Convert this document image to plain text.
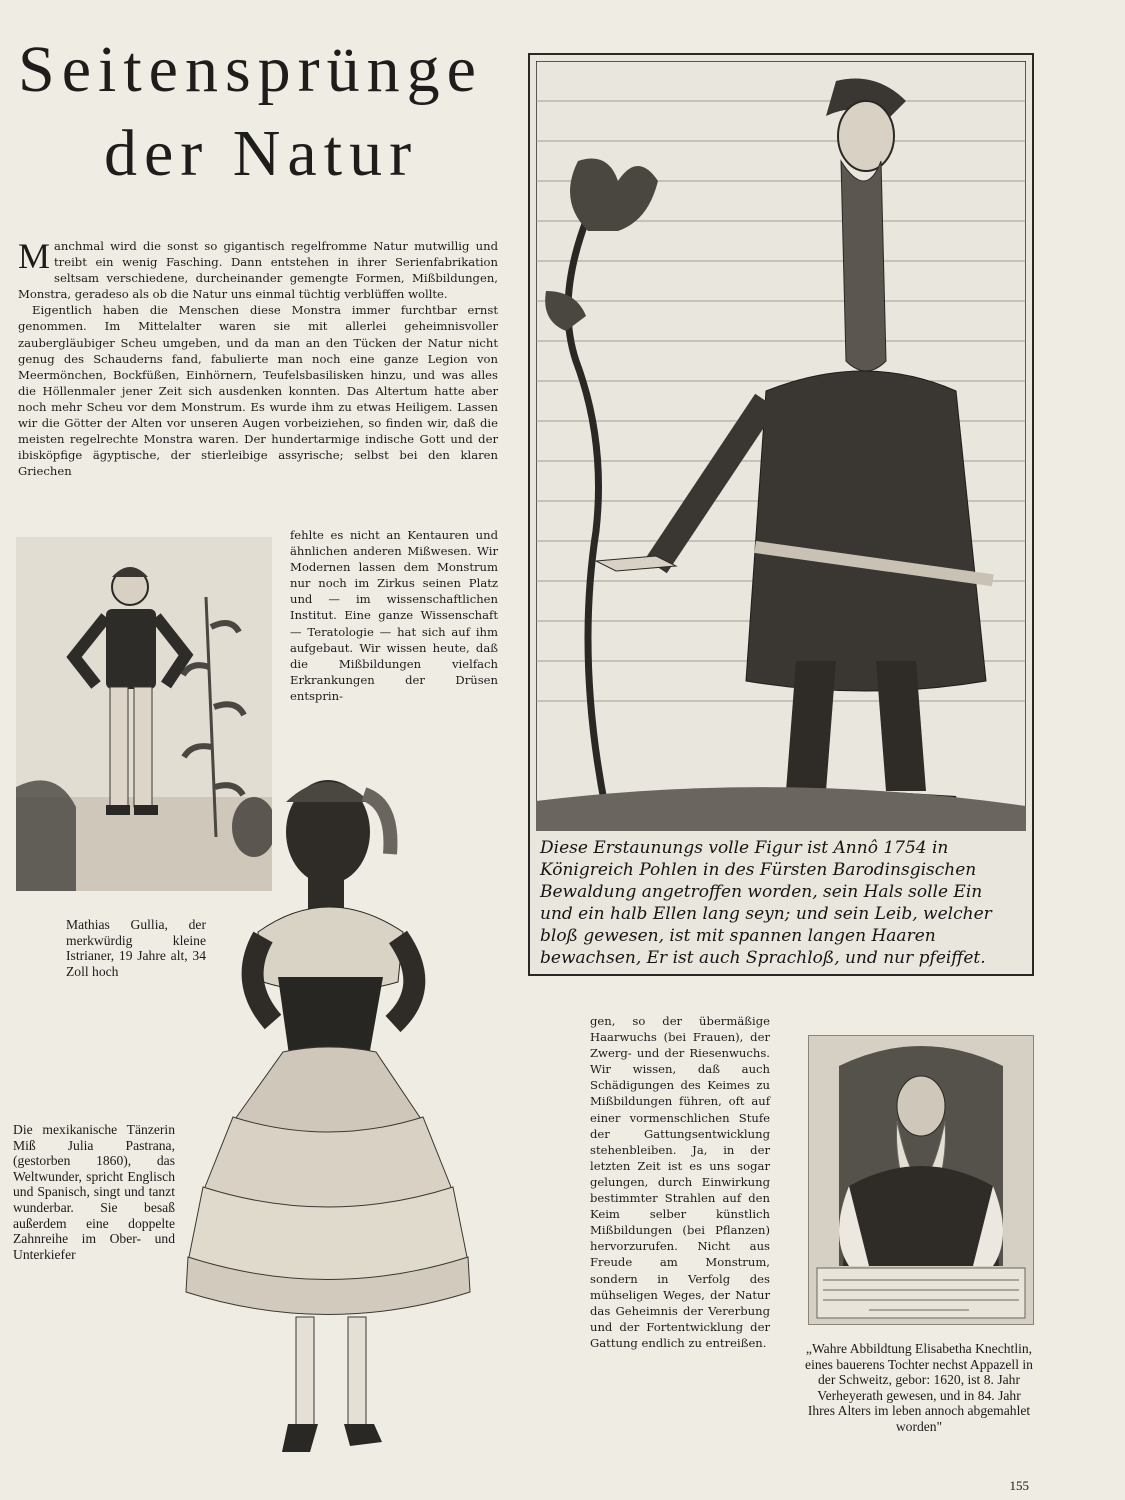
Seitensprünge
der Natur

Manchmal wird die sonst so gigantisch regelfromme Natur mutwillig und treibt ein wenig Fasching. Dann entstehen in ihrer Serienfabrikation seltsam verschiedene, durcheinander gemengte Formen, Mißbildungen, Monstra, geradeso als ob die Natur uns einmal tüchtig verblüffen wollte.

Eigentlich haben die Menschen diese Monstra immer furchtbar ernst genommen. Im Mittelalter waren sie mit allerlei geheimnisvoller zaubergläubiger Scheu umgeben, und da man an den Tücken der Natur nicht genug des Schauderns fand, fabulierte man noch eine ganze Legion von Meermönchen, Bockfüßen, Einhörnern, Teufelsbasilisken hinzu, und was alles die Höllenmaler jener Zeit sich ausdenken konnten. Das Altertum hatte aber noch mehr Scheu vor dem Monstrum. Es wurde ihm zu etwas Heiligem. Lassen wir die Götter der Alten vor unseren Augen vorbeiziehen, so finden wir, daß die meisten regelrechte Monstra waren. Der hundertarmige indische Gott und der ibisköpfige ägyptische, der stierleibige assyrische; selbst bei den klaren Griechen

fehlte es nicht an Kentauren und ähnlichen anderen Mißwesen. Wir Modernen lassen dem Monstrum nur noch im Zirkus seinen Platz und — im wissenschaftlichen Institut. Eine ganze Wissenschaft — Teratologie — hat sich auf ihm aufgebaut. Wir wissen heute, daß die Mißbildungen vielfach Erkrankungen der Drüsen entsprin-
Mathias Gullia, der merkwürdig kleine Istrianer, 19 Jahre alt, 34 Zoll hoch
Die mexikanische Tänzerin Miß Julia Pastrana, (gestorben 1860), das Weltwunder, spricht Englisch und Spanisch, singt und tanzt wunderbar. Sie besaß außerdem eine doppelte Zahnreihe im Ober- und Unterkiefer
Diese Erstaunungs volle Figur ist Annô 1754 in Königreich Pohlen in des Fürsten Barodinsgischen Bewaldung angetroffen worden, sein Hals solle Ein und ein halb Ellen lang seyn; und sein Leib, welcher bloß gewesen, ist mit spannen langen Haaren bewachsen, Er ist auch Sprachloß, und nur pfeiffet.
gen, so der übermäßige Haarwuchs (bei Frauen), der Zwerg- und der Riesenwuchs. Wir wissen, daß auch Schädigungen des Keimes zu Mißbildungen führen, oft auf einer vormenschlichen Stufe der Gattungsentwicklung stehenbleiben. Ja, in der letzten Zeit ist es uns sogar gelungen, durch Einwirkung bestimmter Strahlen auf den Keim selber künstlich Mißbildungen (bei Pflanzen) hervorzurufen. Nicht aus Freude am Monstrum, sondern in Verfolg des mühseligen Weges, der Natur das Geheimnis der Vererbung und der Fortentwicklung der Gattung endlich zu entreißen.	„Wahre Abbildtung Elisabetha Knechtlin, eines bauerens Tochter nechst Appazell in der Schweitz, gebor: 1620, ist 8. Jahr Verheyerath gewesen, und in 84. Jahr Ihres Alters im leben annoch abgemahlet worden"
155
